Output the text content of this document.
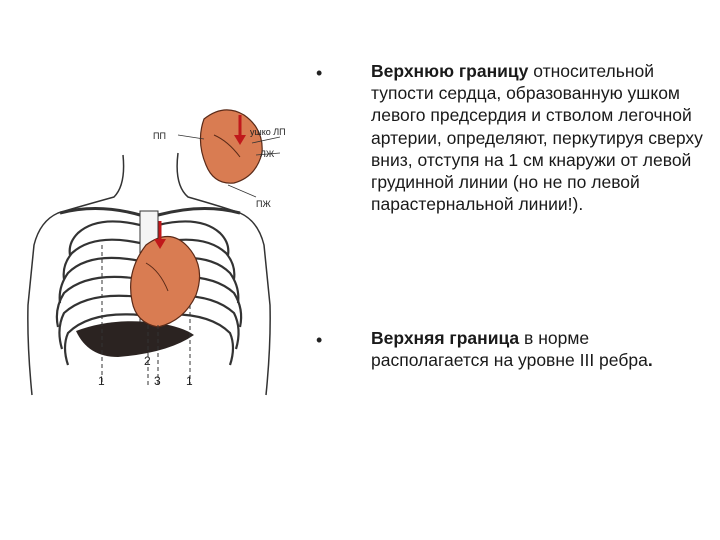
ПП	ушко ЛП
ЛЖ
ПЖ
1
2
3 1
•	Верхнюю границу относительной тупости сердца, образованную ушком левого предсердия и стволом легочной артерии, определяют, перкутируя сверху вниз, отступя на 1 см кнаружи от левой грудинной линии (но не по левой парастернальной линии!).

•	Верхняя граница в норме располагается на уровне III ребра.
